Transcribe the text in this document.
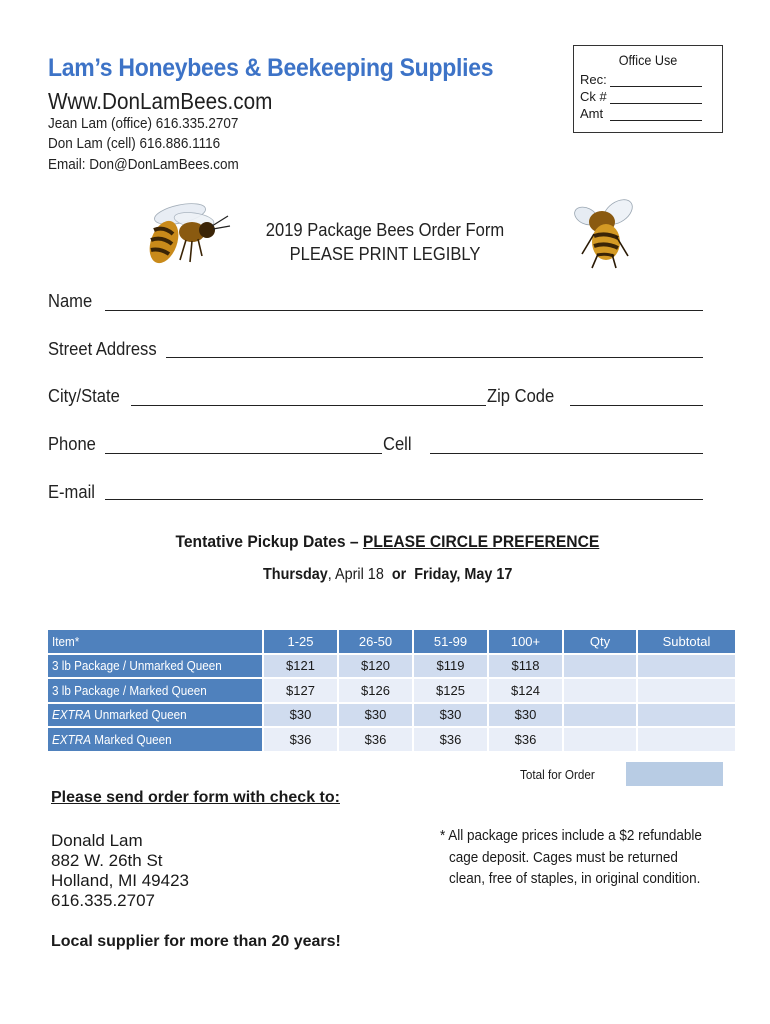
Lam’s Honeybees & Beekeeping Supplies
Www.DonLamBees.com
Jean Lam (office) 616.335.2707
Don Lam (cell) 616.886.1116
Email: Don@DonLamBees.com
Office Use
Rec:
Ck #
Amt
2019 Package Bees Order Form
PLEASE PRINT LEGIBLY
Name
Street Address
City/State	Zip Code
Phone	Cell
E-mail
Tentative Pickup Dates – PLEASE CIRCLE PREFERENCE
Thursday, April 18 or Friday, May 17
Item*	1-25	26-50	51-99	100+	Qty	Subtotal
3 lb Package / Unmarked Queen	$121	$120	$119	$118		
3 lb Package / Marked Queen	$127	$126	$125	$124		
EXTRA Unmarked Queen	$30	$30	$30	$30		
EXTRA Marked Queen	$36	$36	$36	$36		
Total for Order
Please send order form with check to:
Donald Lam
882 W. 26th St
Holland, MI 49423
616.335.2707
* All package prices include a $2 refundable
cage deposit. Cages must be returned
clean, free of staples, in original condition.
Local supplier for more than 20 years!
